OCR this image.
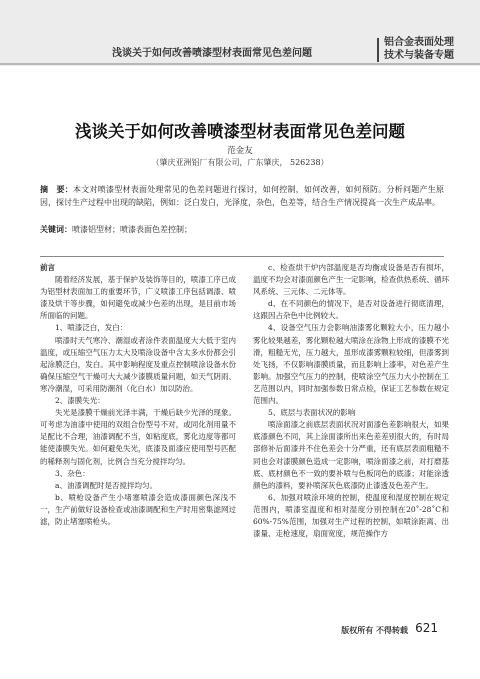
浅谈关于如何改善喷漆型材表面常见色差问题
铝合金表面处理
技术与装备专题
浅谈关于如何改善喷漆型材表面常见色差问题
范金友
（肇庆亚洲铝厂有限公司，广东肇庆， 526238）
摘　要：本文对喷漆型材表面处理常见的色差问题进行探讨，如何控制，如何改善，如何预防。分析问题产生原因，探讨生产过程中出现的缺陷，例如：泛白发白，光泽度，杂色，色差等，结合生产情况提高一次生产成品率。
关键词：喷漆铝型材；喷漆表面色差控制；

前言

随着经济发展，基于保护及装饰等目的，喷漆工序已成为铝型材表面加工的重要环节，广义喷漆工序包括调漆、喷漆及烘干等步骤，如何避免或减少色差的出现，是目前市场所面临的问题。

1、喷漆泛白，发白：

喷漆时天气寒冷、潮湿或者涂件表面温度大大低于室内温度，或压缩空气压力太大及喷涂设备中含太多水份都会引起涂膜泛白，发白。其中影响程度及重点控制喷涂设备水份确保压缩空气干燥可大大减少漆膜质量问题，如天气阴雨、寒冷潮湿，可采用防潮剂（化白水）加以防治。

2、漆膜失光：

失光是漆膜干燥前光泽丰满，干燥后缺少光泽的现象。可考虑为油漆中使用的双组合份型号不对，或同化剂用量不足配比不合理，油漆调配不当，如粘度底，雾化边度等都可能使漆膜失光。如何避免失光，底漆及面漆应使用型号匹配的稀释剂与固化剂，比例合当充分搅拌均匀。

3、杂色：

a、油漆调配时是否搅拌均匀。

b、喷枪设备产生小堵塞喷漆会造成漆面颜色深浅不一，生产前做好设备检查或油漆调配和生产时用密集滤网过滤，防止堵塞喷枪头。

c、检查烘干炉内部温度是否均衡或设备是否有损坏，温度不均会对漆面颜色产生一定影响，检查供热系统、循环风系统、三元体、二元体等。

d、在不同颜色的情况下，是否对设备进行彻底清理，这跟因占杂色中比例较大。

4、设备空气压力会影响油漆雾化颗粒大小，压力越小雾化较果越差，雾化颗粒越大喷涂在涂物上形成的漆膜不光滑，粗糙无光，压力越大，虽形成漆雾颗粒较细，但漆雾到处飞扬，不仅影响漆膜质量，而且影响上漆率，对色差产生影响。加强空气压力的控制，使喷涂空气压力大小控制在工艺范围以内，同时加强参数日常点检，保证工艺参数在规定范围内。

5、底层与表面状况的影响

喷涂面漆之前底层表面状况对面漆色差影响很大，如果底漆颜色不同，其上涂面漆所出来色差差别很大的，有时局部修补后面漆并不住色差会十分严重，还有底层表面粗糙不同也会对漆膜颜色造成一定影响，喷涂面漆之前，对打磨基底、底材颜色不一致的要补喷与色板同色的底漆；对能涂透颜色的漆料，要补喷深灰色底漆防止漆透及色差产生。

6、加强对喷涂环境的控制，使温度和湿度控制在规定范围内，喷漆室温度和相对湿度分别控制在20˚-28˚C和60%-75%范围，加强对生产过程的控制，如喷涂距离、出漆量、走枪速度，扇面宽度，规范操作方

版权所有 不得转载 621
